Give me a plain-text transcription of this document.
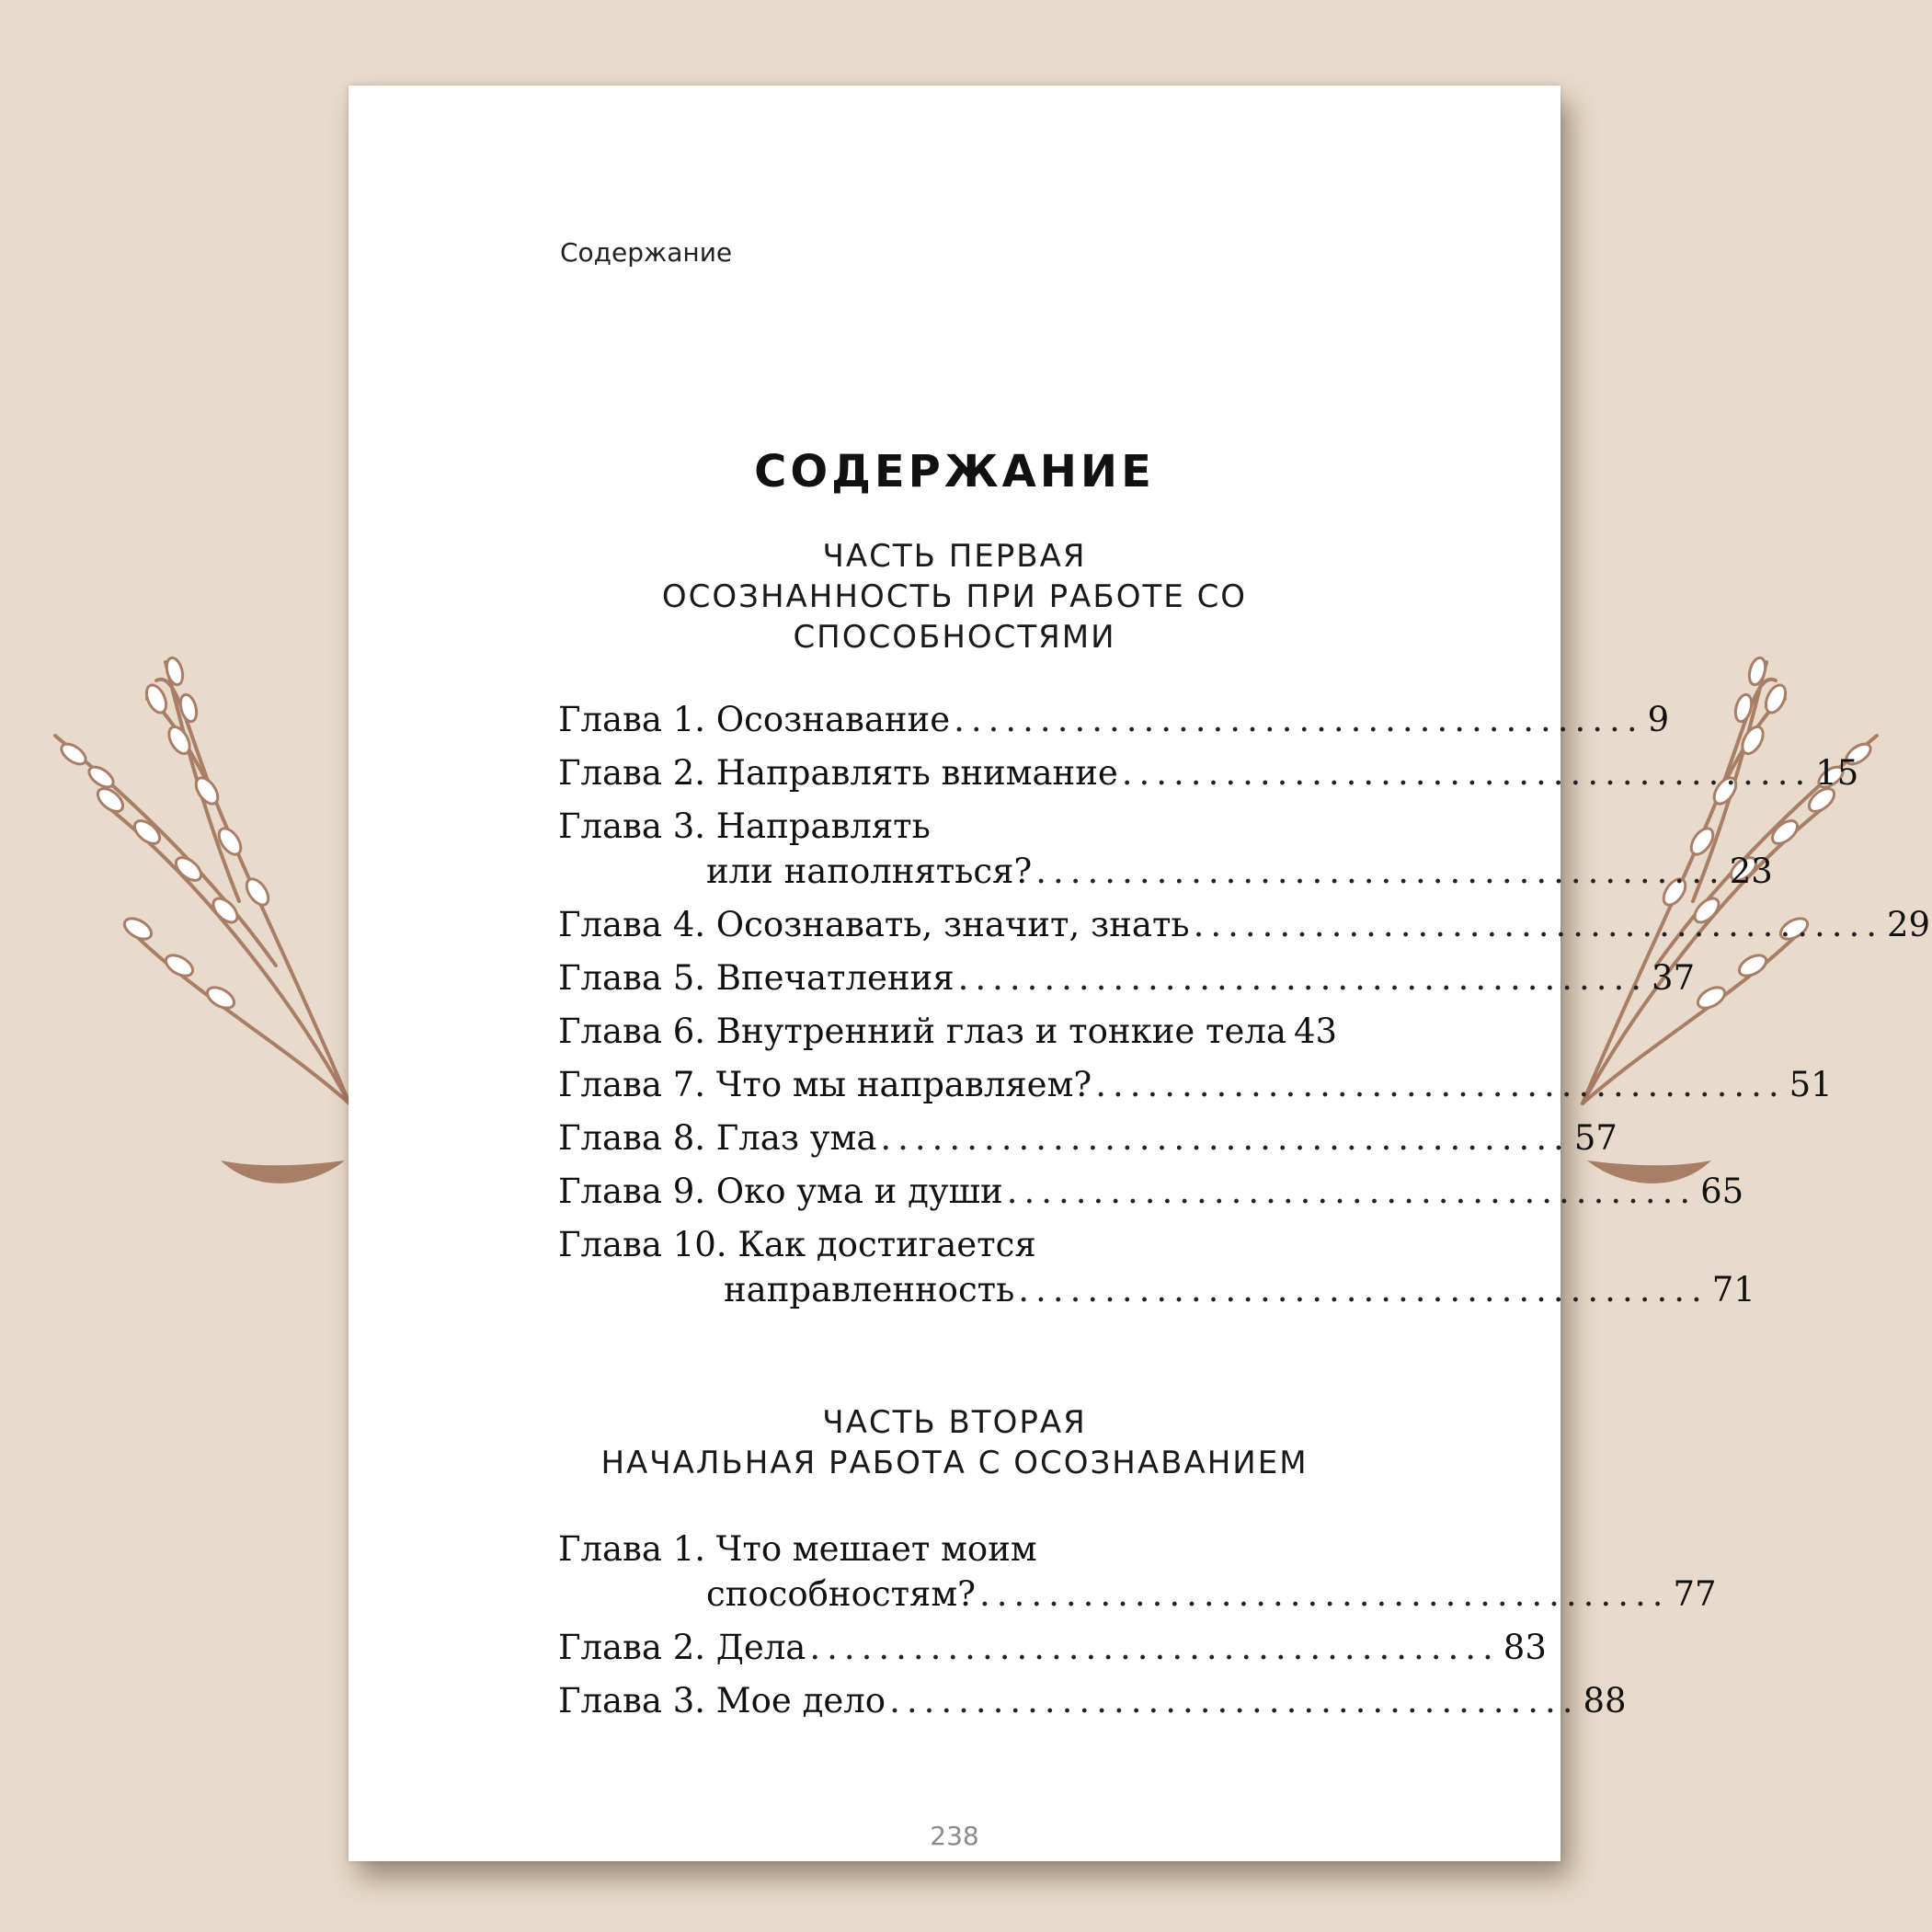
Содержание
СОДЕРЖАНИЕ
ЧАСТЬ ПЕРВАЯ
ОСОЗНАННОСТЬ ПРИ РАБОТЕ СО
СПОСОБНОСТЯМИ
Глава 1. Осознавание ........................................ 9
Глава 2. Направлять внимание ........................................ 15
Глава 3. Направлять
или наполняться? ........................................ 23
Глава 4. Осознавать, значит, знать ........................................ 29
Глава 5. Впечатления ........................................ 37
Глава 6. Внутренний глаз и тонкие тела 43
Глава 7. Что мы направляем? ........................................ 51
Глава 8. Глаз ума ........................................ 57
Глава 9. Око ума и души ........................................ 65
Глава 10. Как достигается
направленность ........................................ 71
ЧАСТЬ ВТОРАЯ
НАЧАЛЬНАЯ РАБОТА С ОСОЗНАВАНИЕМ
Глава 1. Что мешает моим
способностям? ........................................ 77
Глава 2. Дела ........................................ 83
Глава 3. Мое дело ........................................ 88
238
